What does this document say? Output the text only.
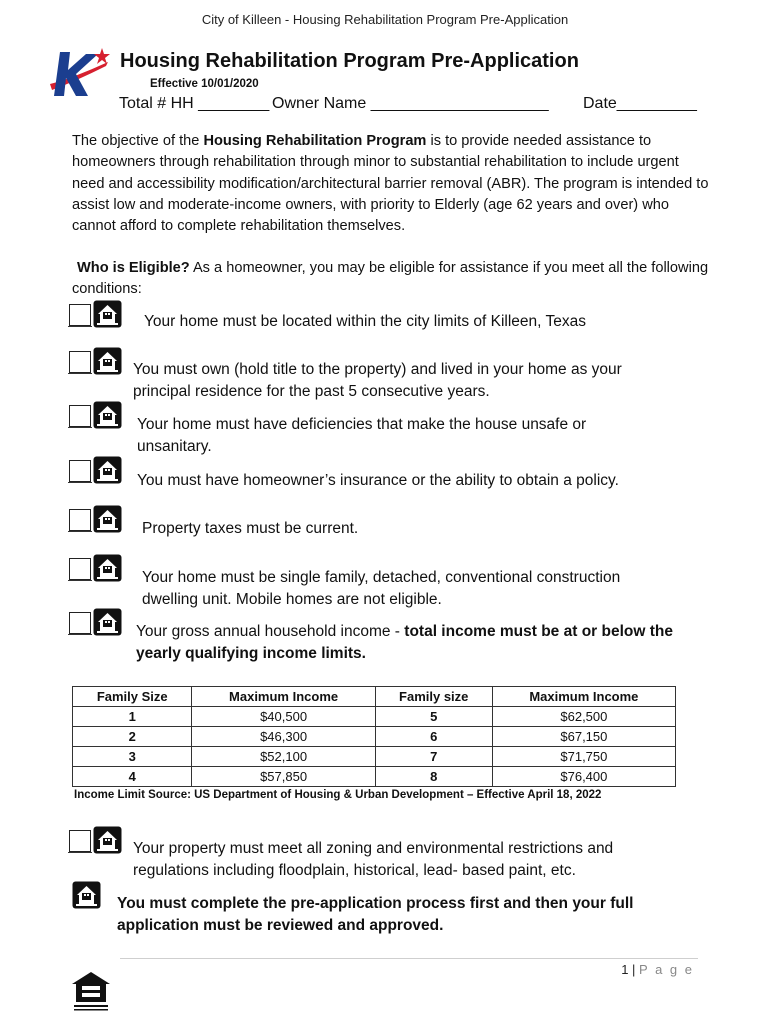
City of Killeen - Housing Rehabilitation Program Pre-Application
Housing Rehabilitation Program Pre-Application
Effective 10/01/2020
Total # HH ________ Owner Name ____________________ Date_________
The objective of the Housing Rehabilitation Program is to provide needed assistance to homeowners through rehabilitation through minor to substantial rehabilitation to include urgent need and accessibility modification/architectural barrier removal (ABR). The program is intended to assist low and moderate-income owners, with priority to Elderly (age 62 years and over) who cannot afford to complete rehabilitation themselves.
Who is Eligible? As a homeowner, you may be eligible for assistance if you meet all the following conditions:
Your home must be located within the city limits of Killeen, Texas
You must own (hold title to the property) and lived in your home as your principal residence for the past 5 consecutive years.
Your home must have deficiencies that make the house unsafe or unsanitary.
You must have homeowner’s insurance or the ability to obtain a policy.
Property taxes must be current.
Your home must be single family, detached, conventional construction dwelling unit. Mobile homes are not eligible.
Your gross annual household income - total income must be at or below the yearly qualifying income limits.
Family Size	Maximum Income	Family size	Maximum Income
1	$40,500	5	$62,500
2	$46,300	6	$67,150
3	$52,100	7	$71,750
4	$57,850	8	$76,400
Income Limit Source: US Department of Housing & Urban Development – Effective April 18, 2022
Your property must meet all zoning and environmental restrictions and regulations including floodplain, historical, lead- based paint, etc.
You must complete the pre-application process first and then your full application must be reviewed and approved.
1 | P a g e
